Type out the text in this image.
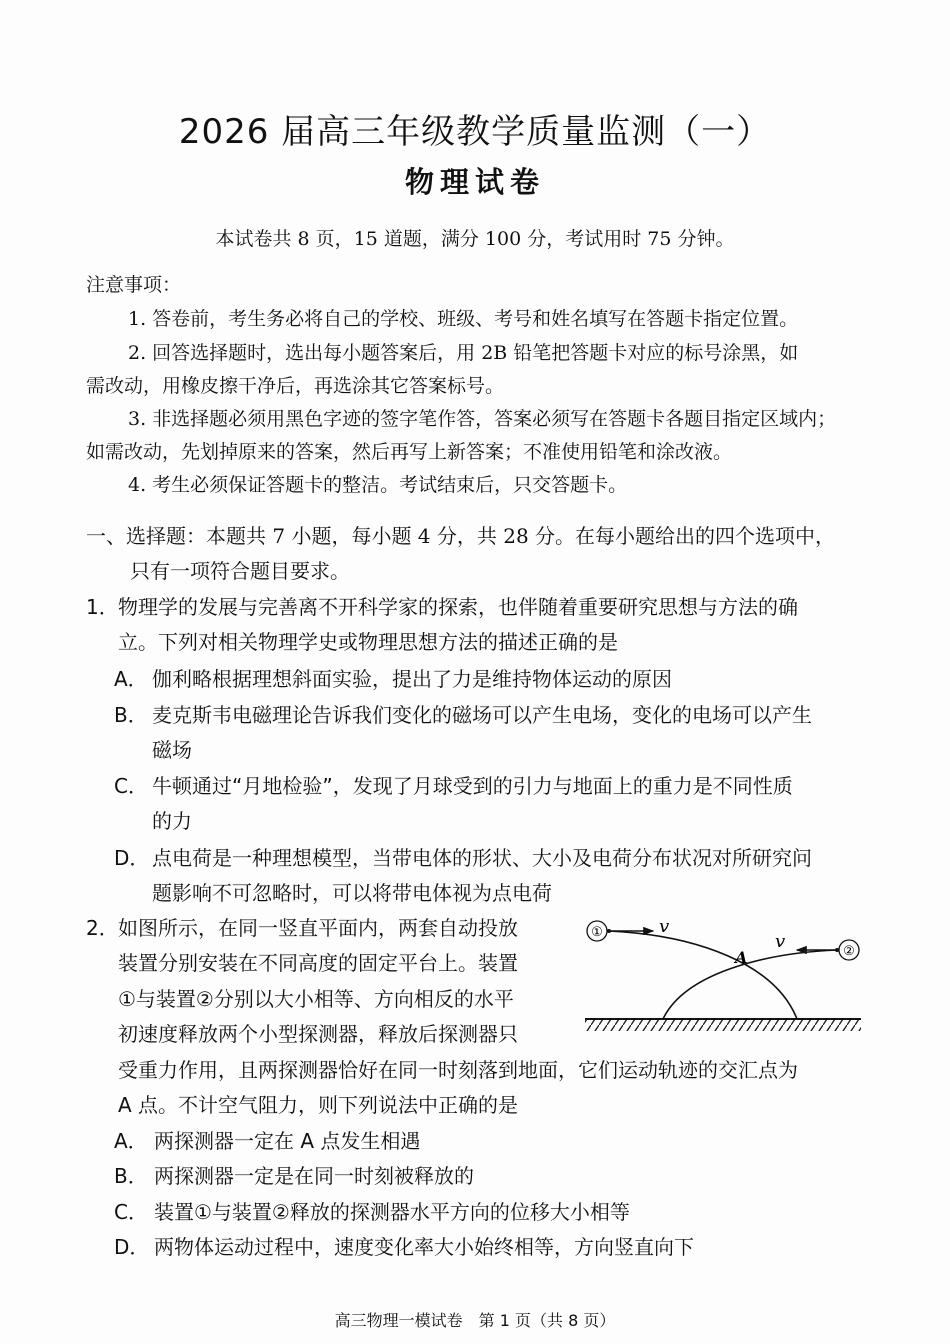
2026 届高三年级教学质量监测（一）
物理试卷
本试卷共 8 页，15 道题，满分 100 分，考试用时 75 分钟。
注意事项：
1. 答卷前，考生务必将自己的学校、班级、考号和姓名填写在答题卡指定位置。
2. 回答选择题时，选出每小题答案后，用 2B 铅笔把答题卡对应的标号涂黑，如
需改动，用橡皮擦干净后，再选涂其它答案标号。
3. 非选择题必须用黑色字迹的签字笔作答，答案必须写在答题卡各题目指定区域内；
如需改动，先划掉原来的答案，然后再写上新答案；不准使用铅笔和涂改液。
4. 考生必须保证答题卡的整洁。考试结束后，只交答题卡。
一、选择题：本题共 7 小题，每小题 4 分，共 28 分。在每小题给出的四个选项中，
只有一项符合题目要求。
1． 物理学的发展与完善离不开科学家的探索，也伴随着重要研究思想与方法的确
立。下列对相关物理学史或物理思想方法的描述正确的是
A． 伽利略根据理想斜面实验，提出了力是维持物体运动的原因
B． 麦克斯韦电磁理论告诉我们变化的磁场可以产生电场，变化的电场可以产生
磁场
C． 牛顿通过“月地检验”，发现了月球受到的引力与地面上的重力是不同性质
的力
D． 点电荷是一种理想模型，当带电体的形状、大小及电荷分布状况对所研究问
题影响不可忽略时，可以将带电体视为点电荷
2． 如图所示，在同一竖直平面内，两套自动投放
装置分别安装在不同高度的固定平台上。装置
①与装置②分别以大小相等、方向相反的水平
初速度释放两个小型探测器，释放后探测器只
受重力作用，且两探测器恰好在同一时刻落到地面，它们运动轨迹的交汇点为
A 点。不计空气阻力，则下列说法中正确的是
A． 两探测器一定在 A 点发生相遇
B． 两探测器一定是在同一时刻被释放的
C． 装置①与装置②释放的探测器水平方向的位移大小相等
D． 两物体运动过程中，速度变化率大小始终相等，方向竖直向下
①	v
②
v
A
高三物理一模试卷　第 1 页（共 8 页）
